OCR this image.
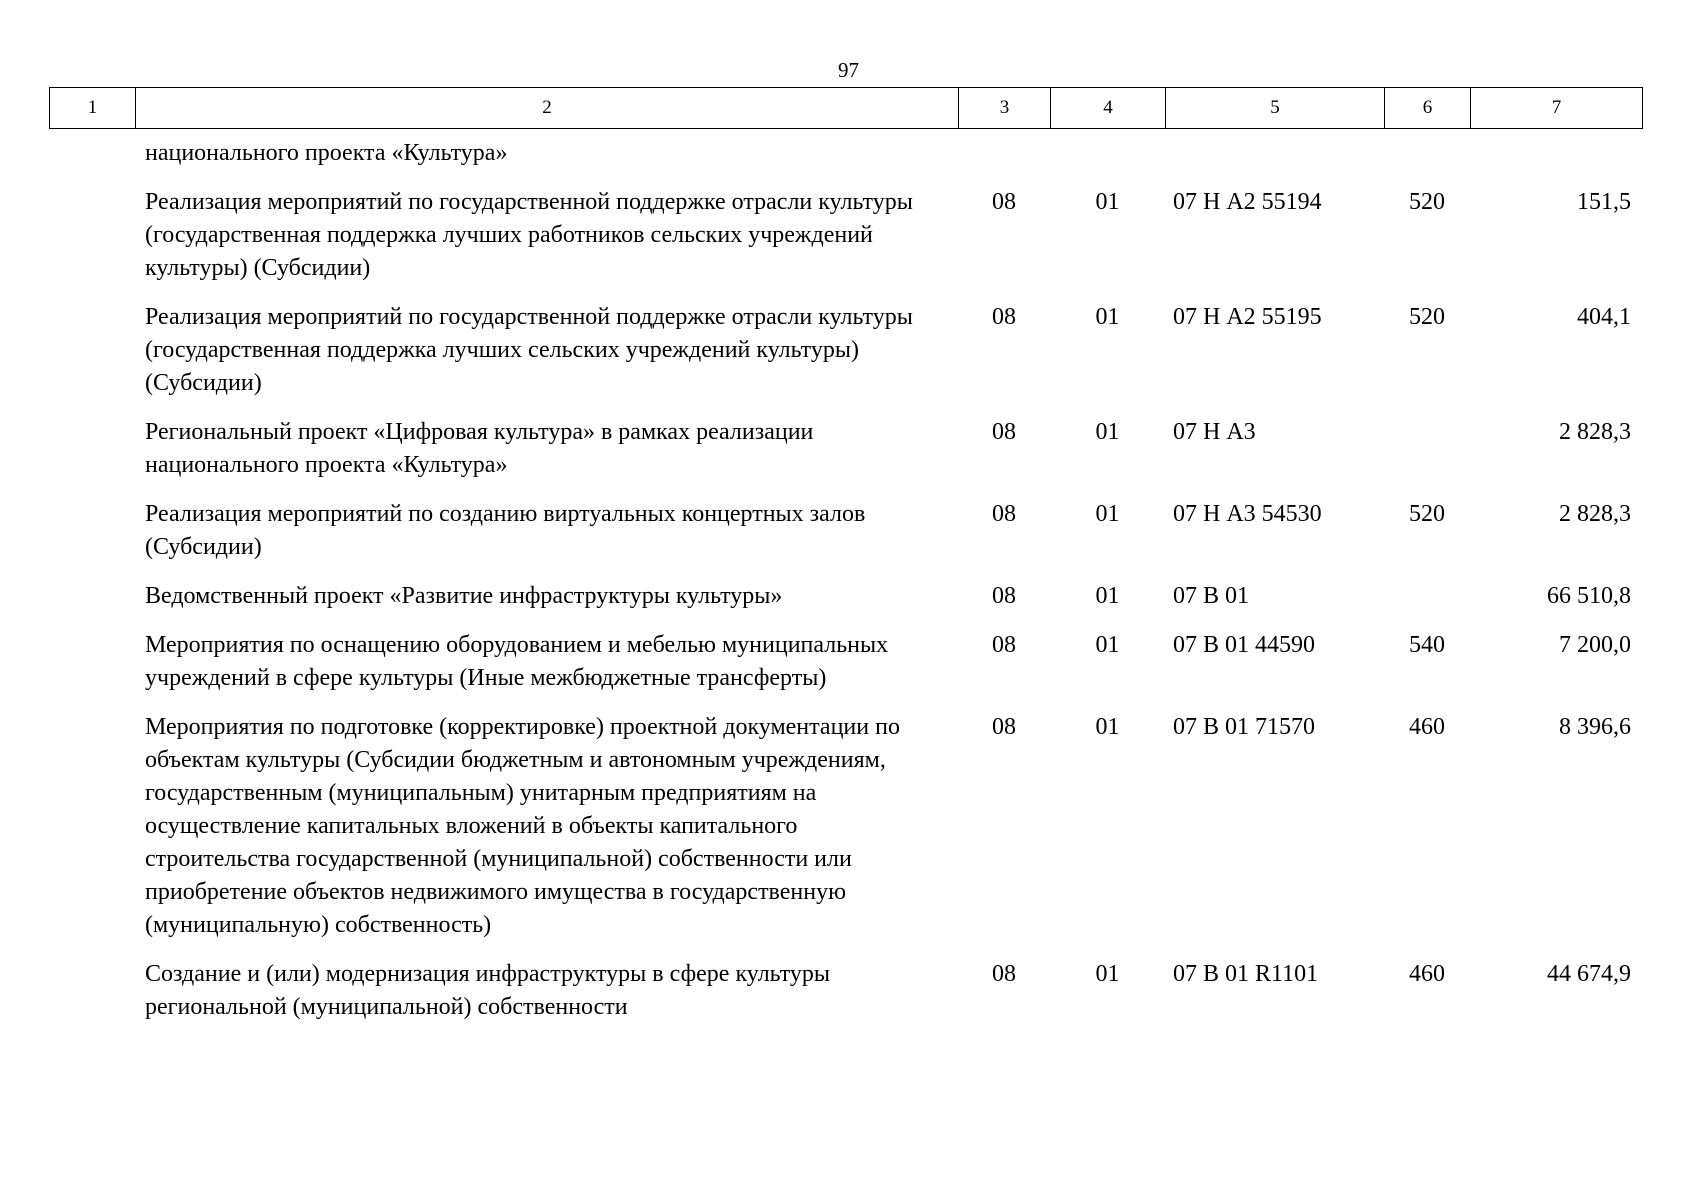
97
1	2	3	4	5	6	7
национального проекта «Культура»					
Реализация мероприятий по государственной поддержке отрасли культуры (государственная поддержка лучших работников сельских учреждений культуры) (Субсидии)	08	01	07 Н А2 55194	520	151,5
Реализация мероприятий по государственной поддержке отрасли культуры (государственная поддержка лучших сельских учреждений культуры) (Субсидии)	08	01	07 Н А2 55195	520	404,1
Региональный проект «Цифровая культура» в рамках реализации национального проекта «Культура»	08	01	07 Н А3		2 828,3
Реализация мероприятий по созданию виртуальных концертных залов (Субсидии)	08	01	07 Н А3 54530	520	2 828,3
Ведомственный проект «Развитие инфраструктуры культуры»	08	01	07 В 01		66 510,8
Мероприятия по оснащению оборудованием и мебелью муниципальных учреждений в сфере культуры (Иные межбюджетные трансферты)	08	01	07 В 01 44590	540	7 200,0
Мероприятия по подготовке (корректировке) проектной документации по объектам культуры (Субсидии бюджетным и автономным учреждениям, государственным (муниципальным) унитарным предприятиям на осуществление капитальных вложений в объекты капитального строительства государственной (муниципальной) собственности или приобретение объектов недвижимого имущества в государственную (муниципальную) собственность)	08	01	07 В 01 71570	460	8 396,6
Создание и (или) модернизация инфраструктуры в сфере культуры региональной (муниципальной) собственности	08	01	07 В 01 R1101	460	44 674,9
